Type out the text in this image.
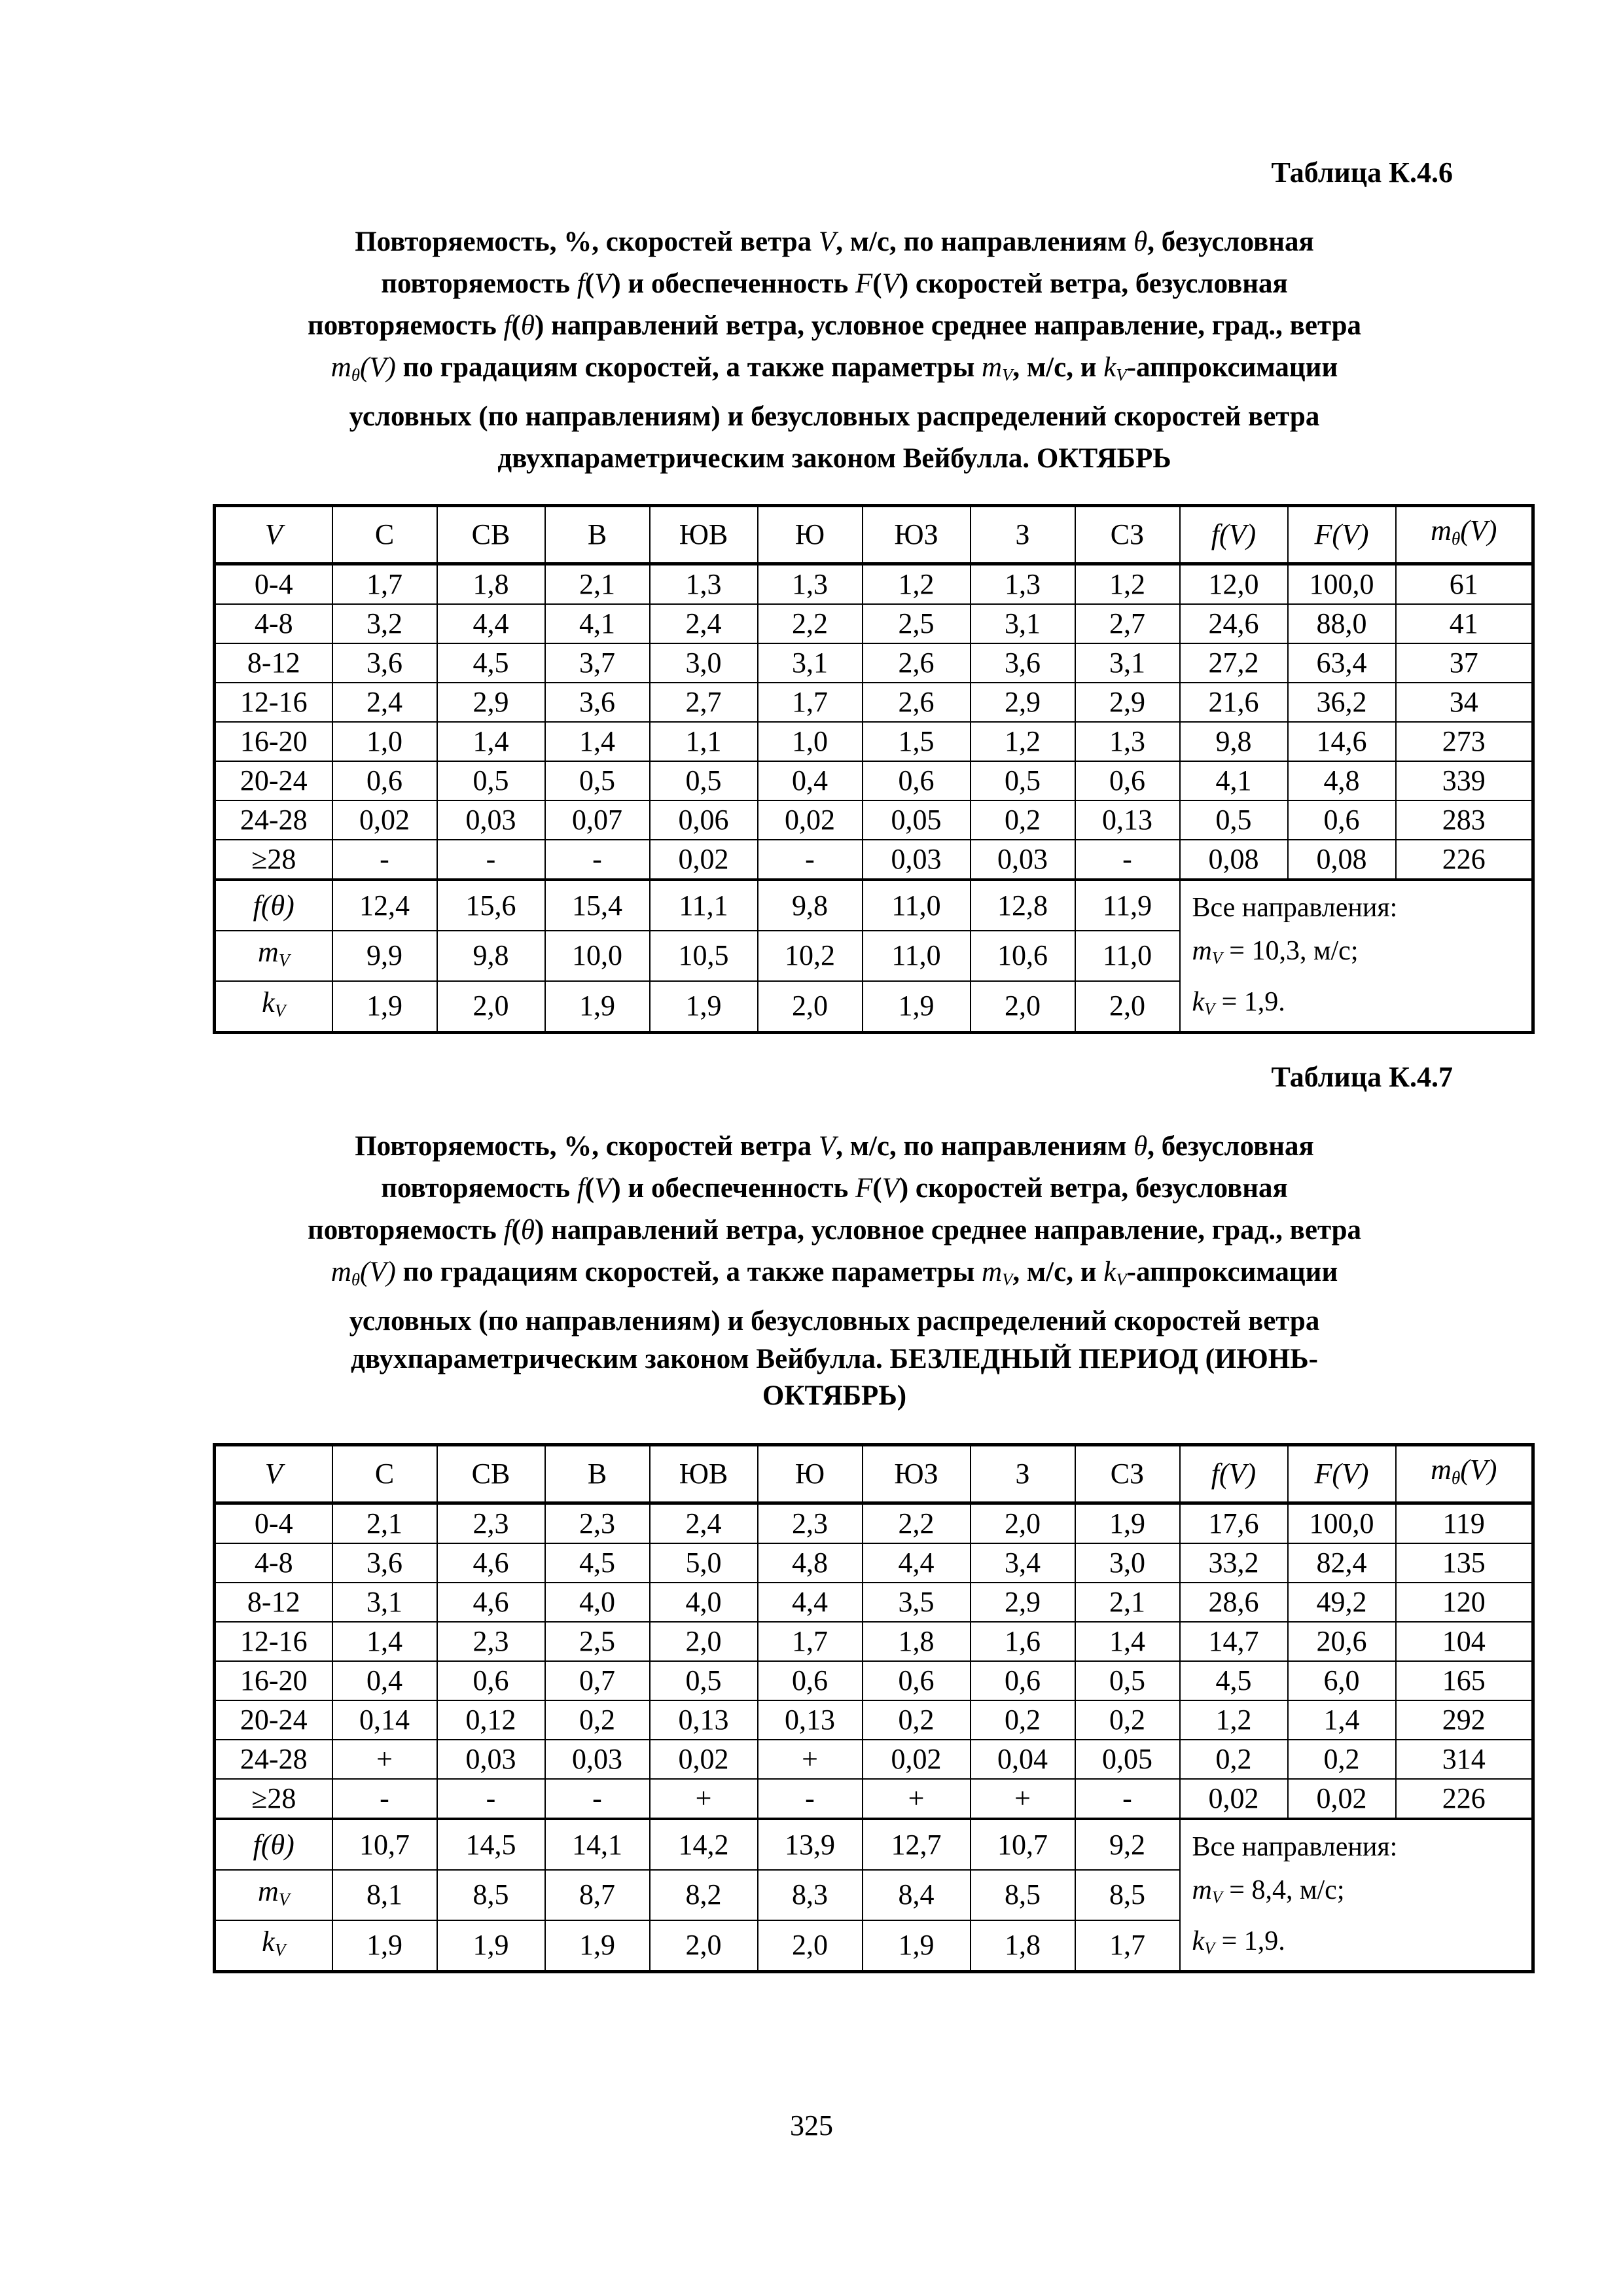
Таблица К.4.6
Повторяемость, %, скоростей ветра V, м/с, по направлениям θ, безусловная
повторяемость f(V) и обеспеченность F(V) скоростей ветра, безусловная
повторяемость f(θ) направлений ветра, условное среднее направление, град., ветра
$m_\theta(V)$ по градациям скоростей, а также параметры $m_V$, м/с, и $k_V$-аппроксимации
условных (по направлениям) и безусловных распределений скоростей ветра
двухпараметрическим законом Вейбулла. ОКТЯБРЬ
V	С	СВ	В	ЮВ	Ю	ЮЗ	З	СЗ	f(V)	F(V)	$m_\theta(V)$
0-4	1,7	1,8	2,1	1,3	1,3	1,2	1,3	1,2	12,0	100,0	61
4-8	3,2	4,4	4,1	2,4	2,2	2,5	3,1	2,7	24,6	88,0	41
8-12	3,6	4,5	3,7	3,0	3,1	2,6	3,6	3,1	27,2	63,4	37
12-16	2,4	2,9	3,6	2,7	1,7	2,6	2,9	2,9	21,6	36,2	34
16-20	1,0	1,4	1,4	1,1	1,0	1,5	1,2	1,3	9,8	14,6	273
20-24	0,6	0,5	0,5	0,5	0,4	0,6	0,5	0,6	4,1	4,8	339
24-28	0,02	0,03	0,07	0,06	0,02	0,05	0,2	0,13	0,5	0,6	283
≥28	-	-	-	0,02	-	0,03	0,03	-	0,08	0,08	226
f(θ)	12,4	15,6	15,4	11,1	9,8	11,0	12,8	11,9	Все направления:
$m_V = 10,3$, м/с;
$k_V = 1,9$.		

$m_V$	9,9	9,8	10,0	10,5	10,2	11,0	10,6	11,0			
$k_V$	1,9	2,0	1,9	1,9	2,0	1,9	2,0	2,0			
Таблица К.4.7
Повторяемость, %, скоростей ветра V, м/с, по направлениям θ, безусловная
повторяемость f(V) и обеспеченность F(V) скоростей ветра, безусловная
повторяемость f(θ) направлений ветра, условное среднее направление, град., ветра
$m_\theta(V)$ по градациям скоростей, а также параметры $m_V$, м/с, и $k_V$-аппроксимации
условных (по направлениям) и безусловных распределений скоростей ветра
двухпараметрическим законом Вейбулла. БЕЗЛЕДНЫЙ ПЕРИОД (ИЮНЬ-
ОКТЯБРЬ)
V	С	СВ	В	ЮВ	Ю	ЮЗ	З	СЗ	f(V)	F(V)	$m_\theta(V)$
0-4	2,1	2,3	2,3	2,4	2,3	2,2	2,0	1,9	17,6	100,0	119
4-8	3,6	4,6	4,5	5,0	4,8	4,4	3,4	3,0	33,2	82,4	135
8-12	3,1	4,6	4,0	4,0	4,4	3,5	2,9	2,1	28,6	49,2	120
12-16	1,4	2,3	2,5	2,0	1,7	1,8	1,6	1,4	14,7	20,6	104
16-20	0,4	0,6	0,7	0,5	0,6	0,6	0,6	0,5	4,5	6,0	165
20-24	0,14	0,12	0,2	0,13	0,13	0,2	0,2	0,2	1,2	1,4	292
24-28	+	0,03	0,03	0,02	+	0,02	0,04	0,05	0,2	0,2	314
≥28	-	-	-	+	-	+	+	-	0,02	0,02	226
f(θ)	10,7	14,5	14,1	14,2	13,9	12,7	10,7	9,2	Все направления:
$m_V = 8,4$, м/с;
$k_V = 1,9$.		

$m_V$	8,1	8,5	8,7	8,2	8,3	8,4	8,5	8,5			
$k_V$	1,9	1,9	1,9	2,0	2,0	1,9	1,8	1,7			
325
